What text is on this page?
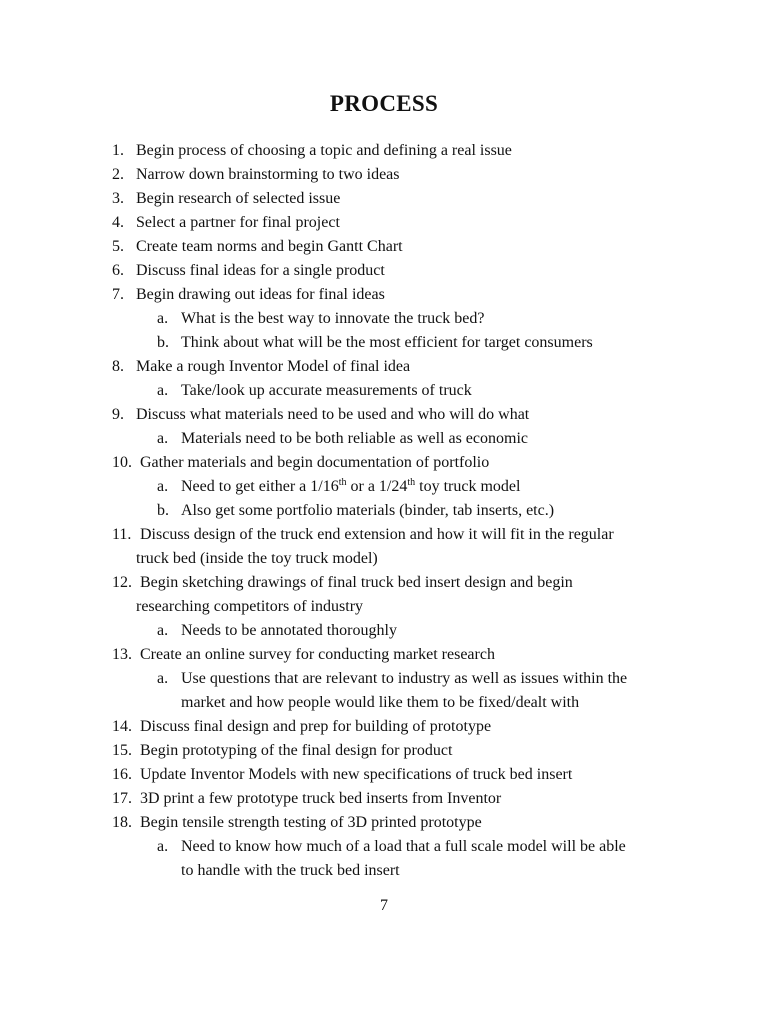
PROCESS
1. Begin process of choosing a topic and defining a real issue
2. Narrow down brainstorming to two ideas
3. Begin research of selected issue
4. Select a partner for final project
5. Create team norms and begin Gantt Chart
6. Discuss final ideas for a single product
7. Begin drawing out ideas for final ideas
a. What is the best way to innovate the truck bed?
b. Think about what will be the most efficient for target consumers
8. Make a rough Inventor Model of final idea
a. Take/look up accurate measurements of truck
9. Discuss what materials need to be used and who will do what
a. Materials need to be both reliable as well as economic
10. Gather materials and begin documentation of portfolio
a. Need to get either a 1/16th or a 1/24th toy truck model
b. Also get some portfolio materials (binder, tab inserts, etc.)
11. Discuss design of the truck end extension and how it will fit in the regular
truck bed (inside the toy truck model)
12. Begin sketching drawings of final truck bed insert design and begin
researching competitors of industry
a. Needs to be annotated thoroughly
13. Create an online survey for conducting market research
a. Use questions that are relevant to industry as well as issues within the
market and how people would like them to be fixed/dealt with
14. Discuss final design and prep for building of prototype
15. Begin prototyping of the final design for product
16. Update Inventor Models with new specifications of truck bed insert
17. 3D print a few prototype truck bed inserts from Inventor
18. Begin tensile strength testing of 3D printed prototype
a. Need to know how much of a load that a full scale model will be able
to handle with the truck bed insert
7
